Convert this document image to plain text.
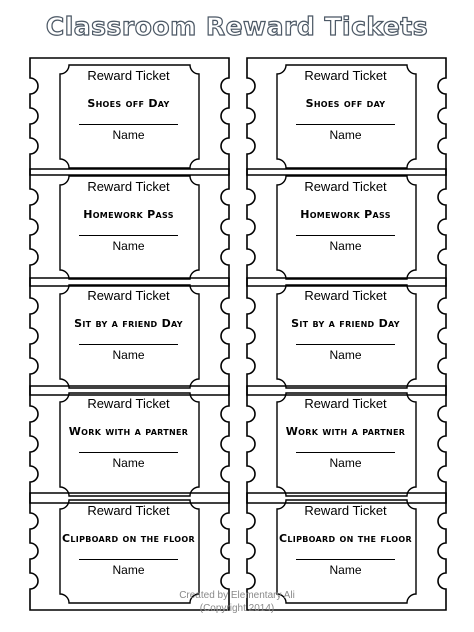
Classroom Reward Tickets
Reward Ticket
Shoes off Day
Name
Reward Ticket
Shoes off day
Name
Reward Ticket
Homework Pass
Name
Reward Ticket
Homework Pass
Name
Reward Ticket
Sit by a friend Day
Name
Reward Ticket
Sit by a friend Day
Name
Reward Ticket
Work with a partner
Name
Reward Ticket
Work with a partner
Name
Reward Ticket
Clipboard on the floor
Name
Reward Ticket
Clipboard on the floor
Name
Created by Elementary Ali
(Copyright 2014)
